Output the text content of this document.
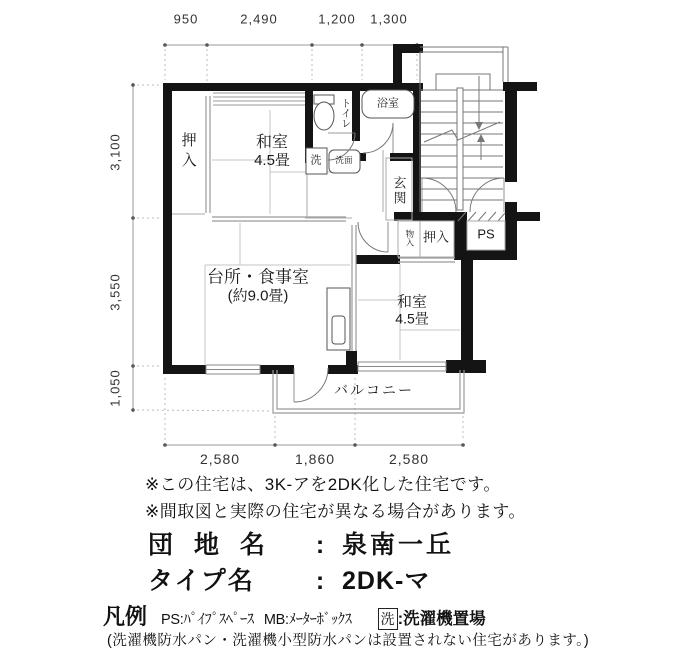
950	2,490	1,200 1,300
3,100
3,550
1,050
2,580	1,860	2,580
押入	和室
4.5畳
トイレ 浴室
洗 洗面
玄関
物入 押入 PS
台所・食事室
(約9.0畳)	和室
4.5畳
バルコニー
※この住宅は、3K-アを2DK化した住宅です。
※間取図と実際の住宅が異なる場合があります。
団 地 名	: 泉南一丘
タイプ名	: 2DK-マ
凡例 PS:ﾊﾟｲﾌﾟｽﾍﾟｰｽ MB:ﾒｰﾀｰﾎﾞｯｸｽ 洗 :洗濯機置場
(洗濯機防水パン・洗濯機小型防水パンは設置されない住宅があります。)
